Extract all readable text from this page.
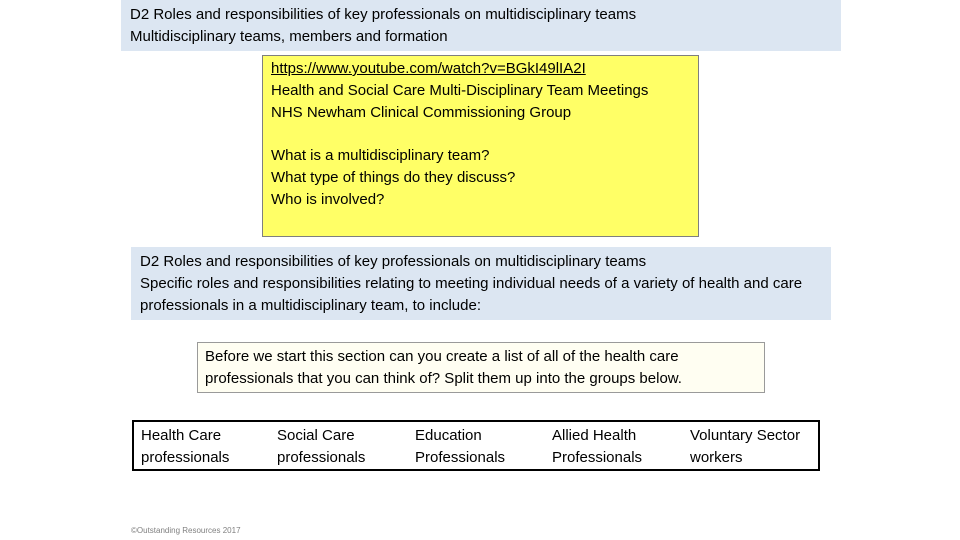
D2 Roles and responsibilities of key professionals on multidisciplinary teams
Multidisciplinary teams, members and formation
https://www.youtube.com/watch?v=BGkI49lIA2I
Health and Social Care Multi-Disciplinary Team Meetings
NHS Newham Clinical Commissioning Group
What is a multidisciplinary team?
What type of things do they discuss?
Who is involved?
D2 Roles and responsibilities of key professionals on multidisciplinary teams
Specific roles and responsibilities relating to meeting individual needs of a variety of health and care professionals in a multidisciplinary team, to include:
Before we start this section can you create a list of all of the health care
professionals that you can think of? Split them up into the groups below.
Health Care
professionals
Social Care
professionals
Education
Professionals
Allied Health
Professionals
Voluntary Sector
workers
©Outstanding Resources 2017
